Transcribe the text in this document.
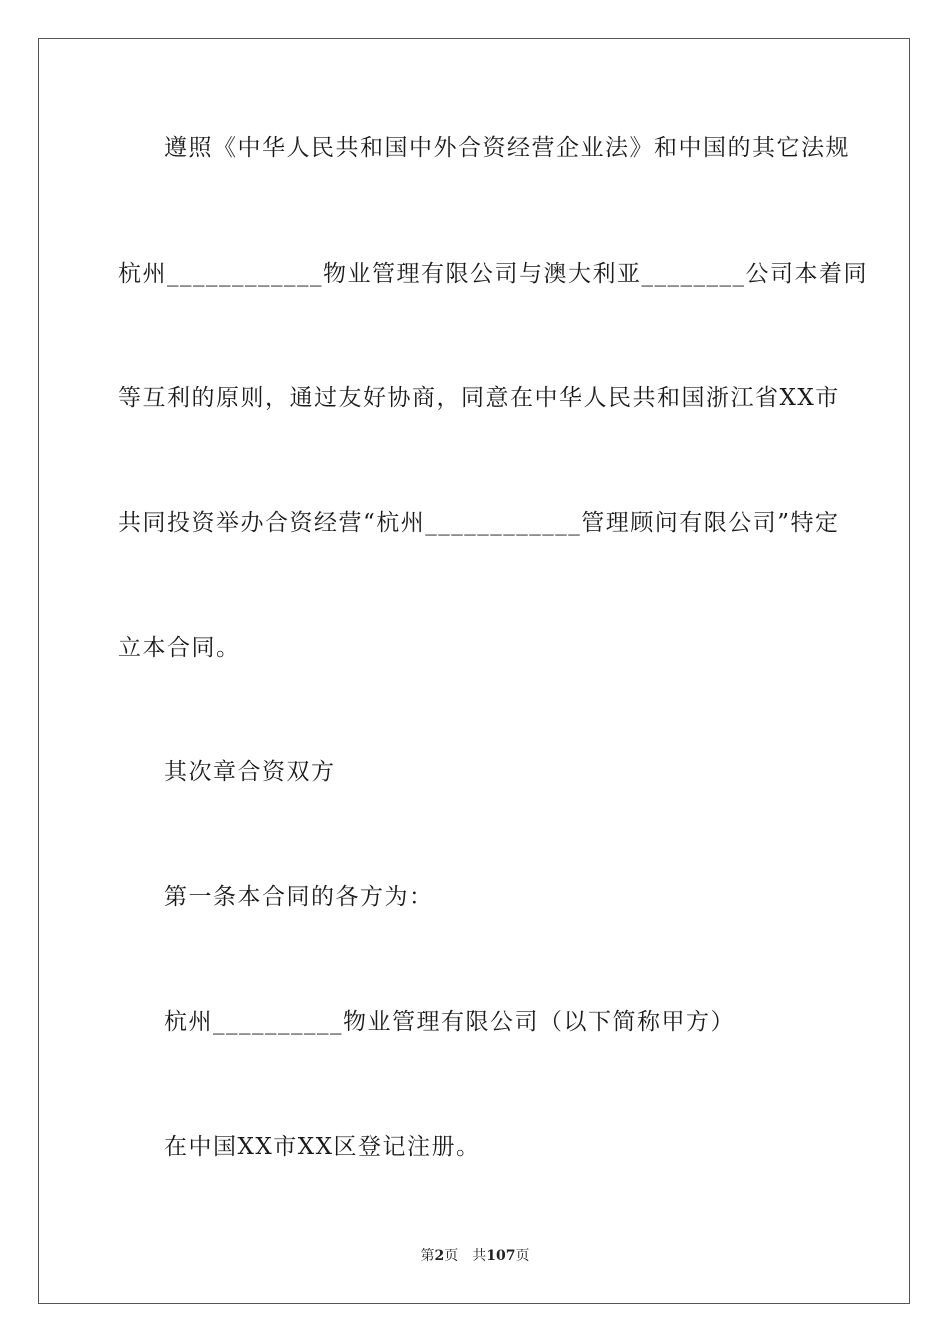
遵照《中华人民共和国中外合资经营企业法》和中国的其它法规
杭州____________物业管理有限公司与澳大利亚________公司本着同
等互利的原则，通过友好协商，同意在中华人民共和国浙江省XX市
共同投资举办合资经营“杭州____________管理顾问有限公司”特定
立本合同。
其次章合资双方
第一条本合同的各方为：
杭州__________物业管理有限公司（以下简称甲方）
在中国XX市XX区登记注册。
第2页 共107页
